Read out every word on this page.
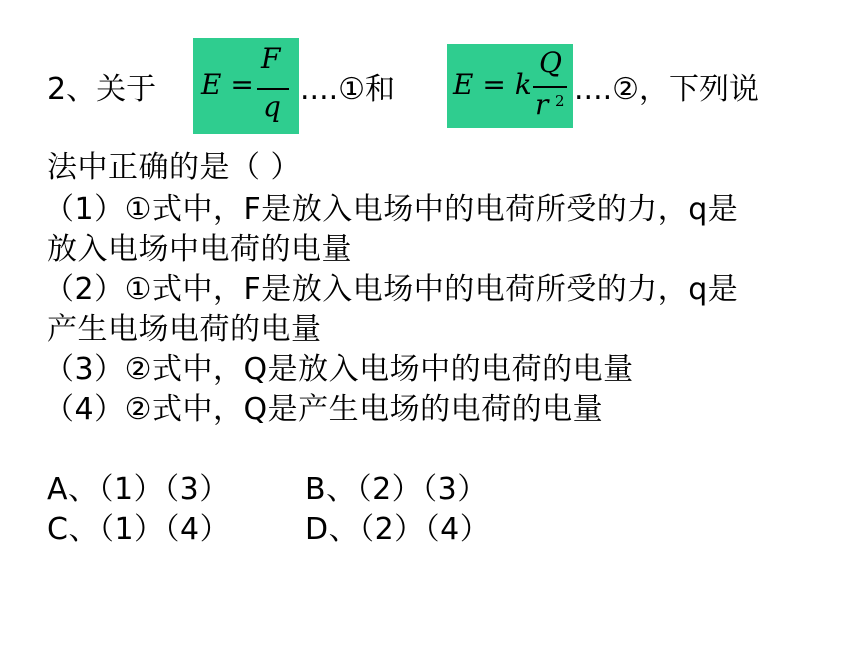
2、关于 E =
F
q ....①和 E = k
Q
r 2 ....②，下列说
法中正确的是（ ）
（1）①式中，F是放入电场中的电荷所受的力，q是
放入电场中电荷的电量
（2）①式中，F是放入电场中的电荷所受的力，q是
产生电场电荷的电量
（3）②式中，Q是放入电场中的电荷的电量
（4）②式中，Q是产生电场的电荷的电量
A、（1）（3）	B、（2）（3）
C、（1）（4） D、（2）（4）
